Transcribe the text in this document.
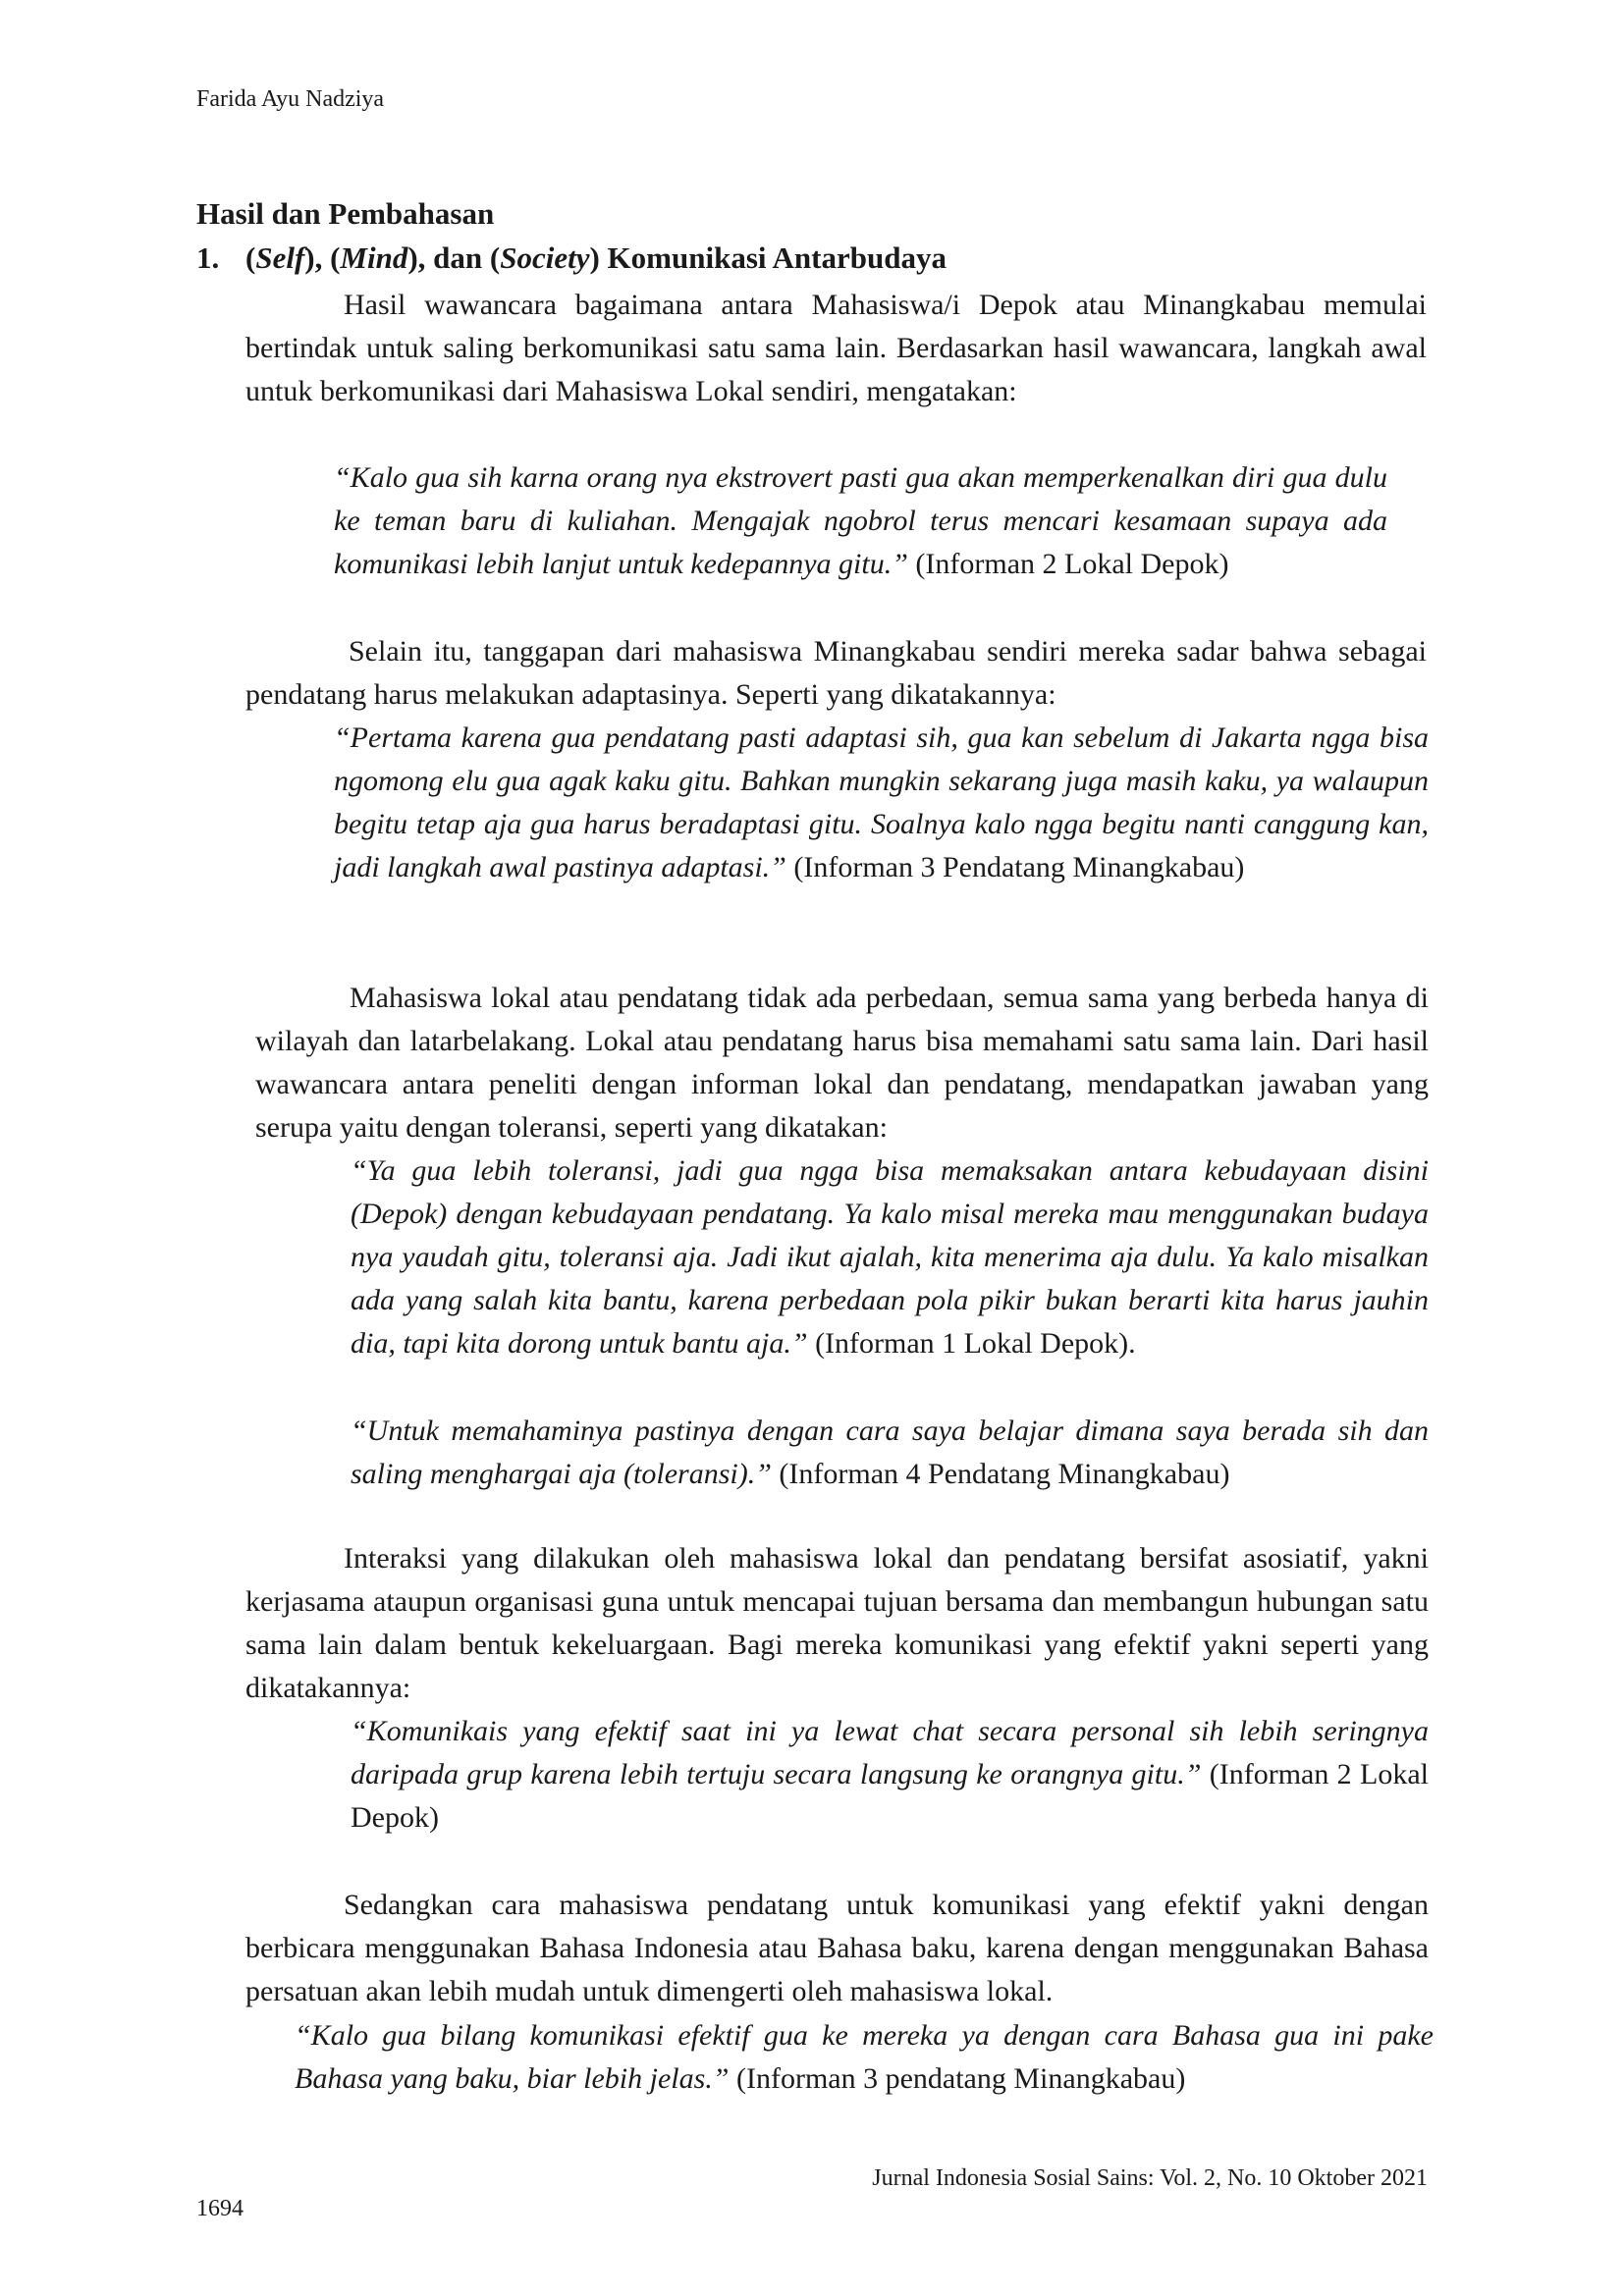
Farida Ayu Nadziya
Hasil dan Pembahasan
1. (Self), (Mind), dan (Society) Komunikasi Antarbudaya

Hasil wawancara bagaimana antara Mahasiswa/i Depok atau Minangkabau memulai bertindak untuk saling berkomunikasi satu sama lain. Berdasarkan hasil wawancara, langkah awal untuk berkomunikasi dari Mahasiswa Lokal sendiri, mengatakan:

“Kalo gua sih karna orang nya ekstrovert pasti gua akan memperkenalkan diri gua dulu ke teman baru di kuliahan. Mengajak ngobrol terus mencari kesamaan supaya ada komunikasi lebih lanjut untuk kedepannya gitu.” (Informan 2 Lokal Depok)

Selain itu, tanggapan dari mahasiswa Minangkabau sendiri mereka sadar bahwa sebagai pendatang harus melakukan adaptasinya. Seperti yang dikatakannya:

“Pertama karena gua pendatang pasti adaptasi sih, gua kan sebelum di Jakarta ngga bisa ngomong elu gua agak kaku gitu. Bahkan mungkin sekarang juga masih kaku, ya walaupun begitu tetap aja gua harus beradaptasi gitu. Soalnya kalo ngga begitu nanti canggung kan, jadi langkah awal pastinya adaptasi.” (Informan 3 Pendatang Minangkabau)

Mahasiswa lokal atau pendatang tidak ada perbedaan, semua sama yang berbeda hanya di wilayah dan latarbelakang. Lokal atau pendatang harus bisa memahami satu sama lain. Dari hasil wawancara antara peneliti dengan informan lokal dan pendatang, mendapatkan jawaban yang serupa yaitu dengan toleransi, seperti yang dikatakan:

“Ya gua lebih toleransi, jadi gua ngga bisa memaksakan antara kebudayaan disini (Depok) dengan kebudayaan pendatang. Ya kalo misal mereka mau menggunakan budaya nya yaudah gitu, toleransi aja. Jadi ikut ajalah, kita menerima aja dulu. Ya kalo misalkan ada yang salah kita bantu, karena perbedaan pola pikir bukan berarti kita harus jauhin dia, tapi kita dorong untuk bantu aja.” (Informan 1 Lokal Depok).

“Untuk memahaminya pastinya dengan cara saya belajar dimana saya berada sih dan saling menghargai aja (toleransi).” (Informan 4 Pendatang Minangkabau)

Interaksi yang dilakukan oleh mahasiswa lokal dan pendatang bersifat asosiatif, yakni kerjasama ataupun organisasi guna untuk mencapai tujuan bersama dan membangun hubungan satu sama lain dalam bentuk kekeluargaan. Bagi mereka komunikasi yang efektif yakni seperti yang dikatakannya:

“Komunikais yang efektif saat ini ya lewat chat secara personal sih lebih seringnya daripada grup karena lebih tertuju secara langsung ke orangnya gitu.” (Informan 2 Lokal Depok)

Sedangkan cara mahasiswa pendatang untuk komunikasi yang efektif yakni dengan berbicara menggunakan Bahasa Indonesia atau Bahasa baku, karena dengan menggunakan Bahasa persatuan akan lebih mudah untuk dimengerti oleh mahasiswa lokal.

“Kalo gua bilang komunikasi efektif gua ke mereka ya dengan cara Bahasa gua ini pake Bahasa yang baku, biar lebih jelas.” (Informan 3 pendatang Minangkabau)

Jurnal Indonesia Sosial Sains: Vol. 2, No. 10 Oktober 2021
1694
